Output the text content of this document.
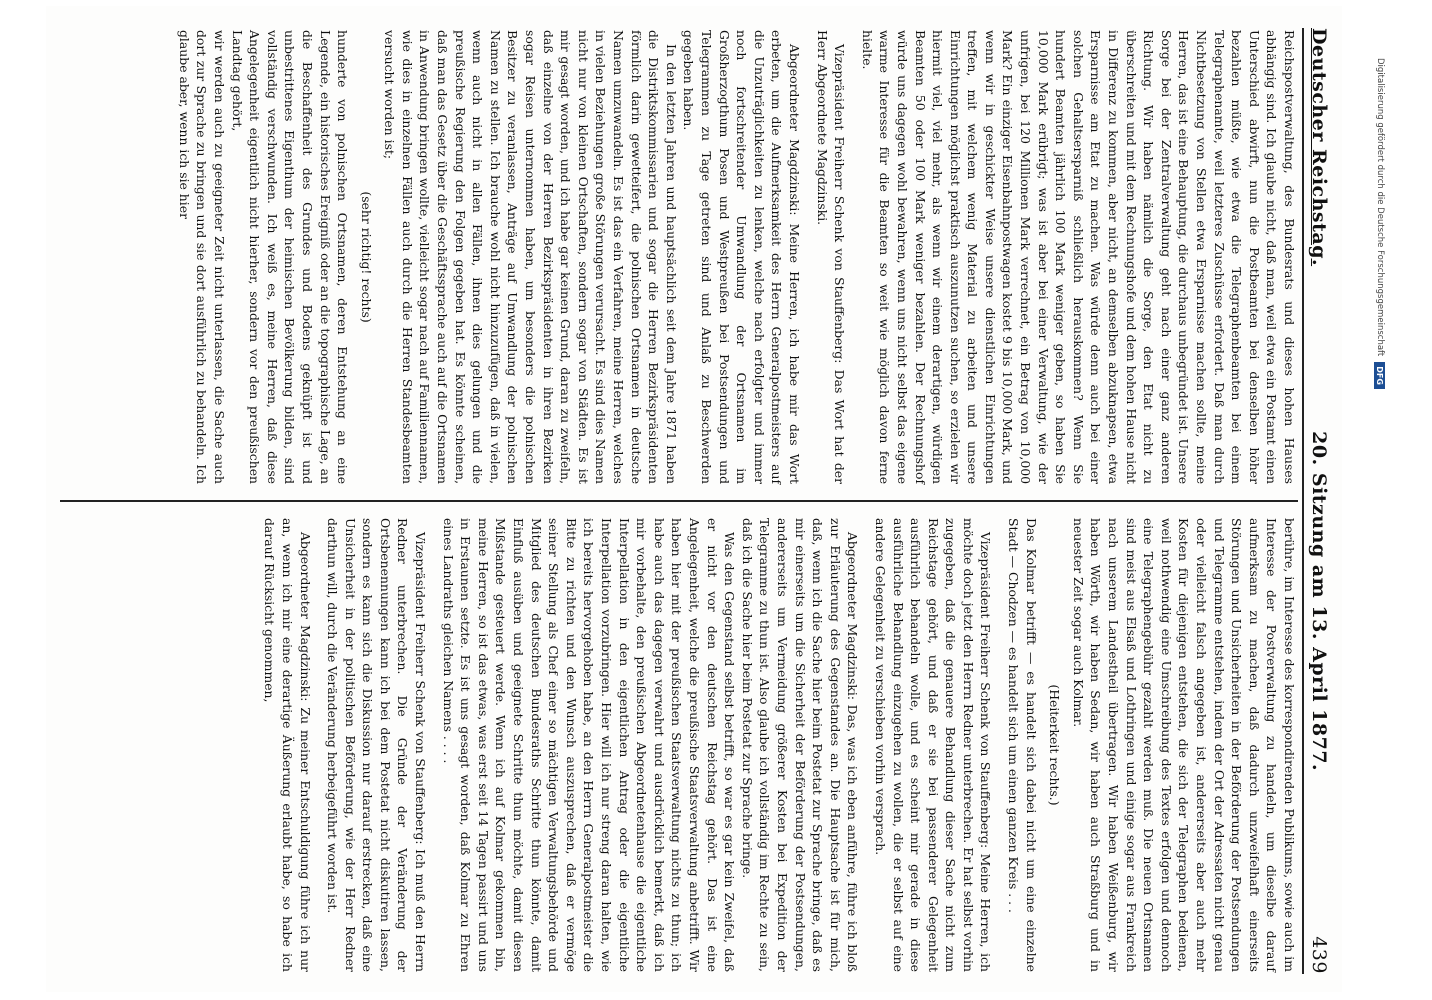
Deutscher Reichstag.
20. Sitzung am 13. April 1877.
439

Reichspostverwaltung, des Bundesrats und dieses hohen Hauses abhängig sind. Ich glaube nicht, daß man, weil etwa ein Postamt einen Unterschied abwirft, nun die Postbeamten bei denselben höher bezahlen müßte, wie etwa die Telegraphenbeamten bei einem Telegraphenamte, weil letzteres Zuschüsse erfordert. Daß man durch Nichtbesetzung von Stellen etwa Ersparnisse machen sollte, meine Herren, das ist eine Behauptung, die durchaus unbegründet ist. Unsere Sorge bei der Zentralverwaltung geht nach einer ganz anderen Richtung. Wir haben nämlich die Sorge, den Etat nicht zu überschreiten und mit dem Rechnungshofe und dem hohen Hause nicht in Differenz zu kommen, aber nicht, an demselben abzuknapsen, etwa Ersparnisse am Etat zu machen. Was würde denn auch bei einer solchen Gehaltsersparniß schließlich herauskommen? Wenn Sie hundert Beamten jährlich 100 Mark weniger geben, so haben Sie 10,000 Mark erübrigt; was ist aber bei einer Verwaltung, wie der unfrigen, bei 120 Millionen Mark verrechnet, ein Betrag von 10,000 Mark? Ein einziger Eisenbahnpostwagen kostet 9 bis 10,000 Mark, und wenn wir in geschickter Weise unsere dienstlichen Einrichtungen treffen, mit welchem wenig Material zu arbeiten und unsere Einrichtungen möglichst praktisch auszunutzen suchen, so erzielen wir hiermit viel, viel mehr, als wenn wir einem derartigen, würdigen Beamten 50 oder 100 Mark weniger bezahlen. Der Rechnungshof würde uns dagegen wohl bewahren, wenn uns nicht selbst das eigene warme Interesse für die Beamten so weit wie möglich davon ferne hielte.

Vizepräsident Freiherr Schenk von Stauffenberg: Das Wort hat der Herr Abgeordnete Magdzinski.

Abgeordneter Magdzinski: Meine Herren, ich habe mir das Wort erbeten, um die Aufmerksamkeit des Herrn Generalpostmeisters auf die Unzuträglichkeiten zu lenken, welche nach erfolgter und immer noch fortschreitender Umwandlung der Ortsnamen im Großherzogthum Posen und Westpreußen bei Postsendungen und Telegrammen zu Tage getreten sind und Anlaß zu Beschwerden gegeben haben.

In den letzten Jahren und hauptsächlich seit dem Jahre 1871 haben die Distriktskommissarien und sogar die Herren Bezirkspräsidenten förmlich darin gewetteifert, die polnischen Ortsnamen in deutsche Namen umzuwandeln. Es ist das ein Verfahren, meine Herren, welches in vielen Beziehungen große Störungen verursacht. Es sind dies Namen nicht nur von kleinen Ortschaften, sondern sogar von Städten. Es ist mir gesagt worden, und ich habe gar keinen Grund, daran zu zweifeln, daß einzelne von der Herren Bezirkspräsidenten in ihren Bezirken sogar Reisen unternommen haben, um besonders die polnischen Besitzer zu veranlassen, Anträge auf Umwandlung der polnischen Namen zu stellen. Ich brauche wohl nicht hinzuzufügen, daß in vielen, wenn auch nicht in allen Fällen, ihnen dies gelungen und die preußische Regierung den Folgen gegeben hat. Es könnte scheinen, daß man das Gesetz über die Geschäftssprache auch auf die Ortsnamen in Anwendung bringen wollte, vielleicht sogar nach auf Familiennamen, wie dies in einzelnen Fällen auch durch die Herren Standesbeamten versucht worden ist;

(sehr richtig! rechts)

hunderte von polnischen Ortsnamen, deren Entstehung an eine Legende, ein historisches Ereigniß oder an die topographische Lage, an die Beschaffenheit des Grundes und Bodens geknüpft ist und unbestrittenes Eigenthum der heimischen Bevölkerung bilden, sind vollständig verschwunden. Ich weiß es, meine Herren, daß diese Angelegenheit eigentlich nicht hierher, sondern vor den preußischen Landtag gehört,

wir werden auch zu geeigneter Zeit nicht unterlassen, die Sache auch dort zur Sprache zu bringen und sie dort ausführlich zu behandeln. Ich glaube aber, wenn ich sie hier

berühre, im Interesse des korrespondirenden Publikums, sowie auch im Interesse der Postverwaltung zu handeln, um dieselbe darauf aufmerksam zu machen, daß dadurch unzweifelhaft einerseits Störungen und Unsicherheiten in der Beförderung der Postsendungen und Telegramme entstehen, indem der Ort der Adressaten nicht genau oder vielleicht falsch angegeben ist, andererseits aber auch mehr Kosten für diejenigen entstehen, die sich der Telegraphen bedienen, weil nothwendig eine Umschreibung des Textes erfolgen und dennoch eine Telegraphengebühr gezahlt werden muß. Die neuen Ortsnamen sind meist aus Elsaß und Lothringen und einige sogar aus Frankreich nach unserem Landestheil übertragen. Wir haben Weißenburg, wir haben Wörth, wir haben Sedan, wir haben auch Straßburg und in neuester Zeit sogar auch Kolmar.

(Heiterkeit rechts.)

Das Kolmar betrifft — es handelt sich dabei nicht um eine einzelne Stadt — Chodzen — es handelt sich um einen ganzen Kreis . . .

Vizepräsident Freiherr Schenk von Stauffenberg: Meine Herren, ich möchte doch jetzt den Herrn Redner unterbrechen. Er hat selbst vorhin zugegeben, daß die genauere Behandlung dieser Sache nicht zum Reichstage gehört, und daß er sie bei passenderer Gelegenheit ausführlich behandeln wolle, und es scheint mir gerade in diese ausführliche Behandlung einzugehen zu wollen, die er selbst auf eine andere Gelegenheit zu verschieben vorhin versprach.

Abgeordneter Magdzinski: Das, was ich eben anführe, führe ich bloß zur Erläuterung des Gegenstandes an. Die Hauptsache ist für mich, daß, wenn ich die Sache hier beim Postetat zur Sprache bringe, daß es mir einerseits um die Sicherheit der Beförderung der Postsendungen, andererseits um Vermeidung größerer Kosten bei Expedition der Telegramme zu thun ist. Also glaube ich vollständig im Rechte zu sein, daß ich die Sache hier beim Postetat zur Sprache bringe.

Was den Gegenstand selbst betrifft, so war es gar kein Zweifel, daß er nicht vor den deutschen Reichstag gehört. Das ist eine Angelegenheit, welche die preußische Staatsverwaltung anbetrifft. Wir haben hier mit der preußischen Staatsverwaltung nichts zu thun; ich habe auch das dagegen verwahrt und ausdrücklich bemerkt, daß ich mir vorbehalte, den preußischen Abgeordnetenhause die eigentliche Interpellation in den eigentlichen Antrag oder die eigentliche Interpellation vorzubringen. Hier will ich nur streng daran halten, wie ich bereits hervorgehoben habe, an den Herrn Generalpostmeister die Bitte zu richten und den Wunsch auszusprechen, daß er vermöge seiner Stellung als Chef einer so mächtigen Verwaltungsbehörde und Mitglied des deutschen Bundesraths Schritte thun könnte, damit Einfluß ausüben und geeignete Schritte thun möchte, damit diesen Mißstande gesteuert werde. Wenn ich auf Kolmar gekommen bin, meine Herren, so ist das etwas, was erst seit 14 Tagen passirt und uns in Erstaunen setzte. Es ist uns gesagt worden, daß Kolmar zu Ehren eines Landraths gleichen Namens . . . .

Vizepräsident Freiherr Schenk von Stauffenberg: Ich muß den Herrn Redner unterbrechen. Die Gründe der Veränderung der Ortsbenennungen kann ich bei dem Postetat nicht diskutiren lassen, sondern es kann sich die Diskussion nur darauf erstrecken, daß eine Unsicherheit in der politischen Beförderung, wie der Herr Redner darthun will, durch die Veränderung herbeigeführt worden ist.

Abgeordneter Magdzinski: Zu meiner Entschuldigung führe ich nur an, wenn ich mir eine derartige Äußerung erlaubt habe, so habe ich darauf Rücksicht genommen,

Digitalisierung gefördert durch die Deutsche Forschungsgemeinschaft
DFG
